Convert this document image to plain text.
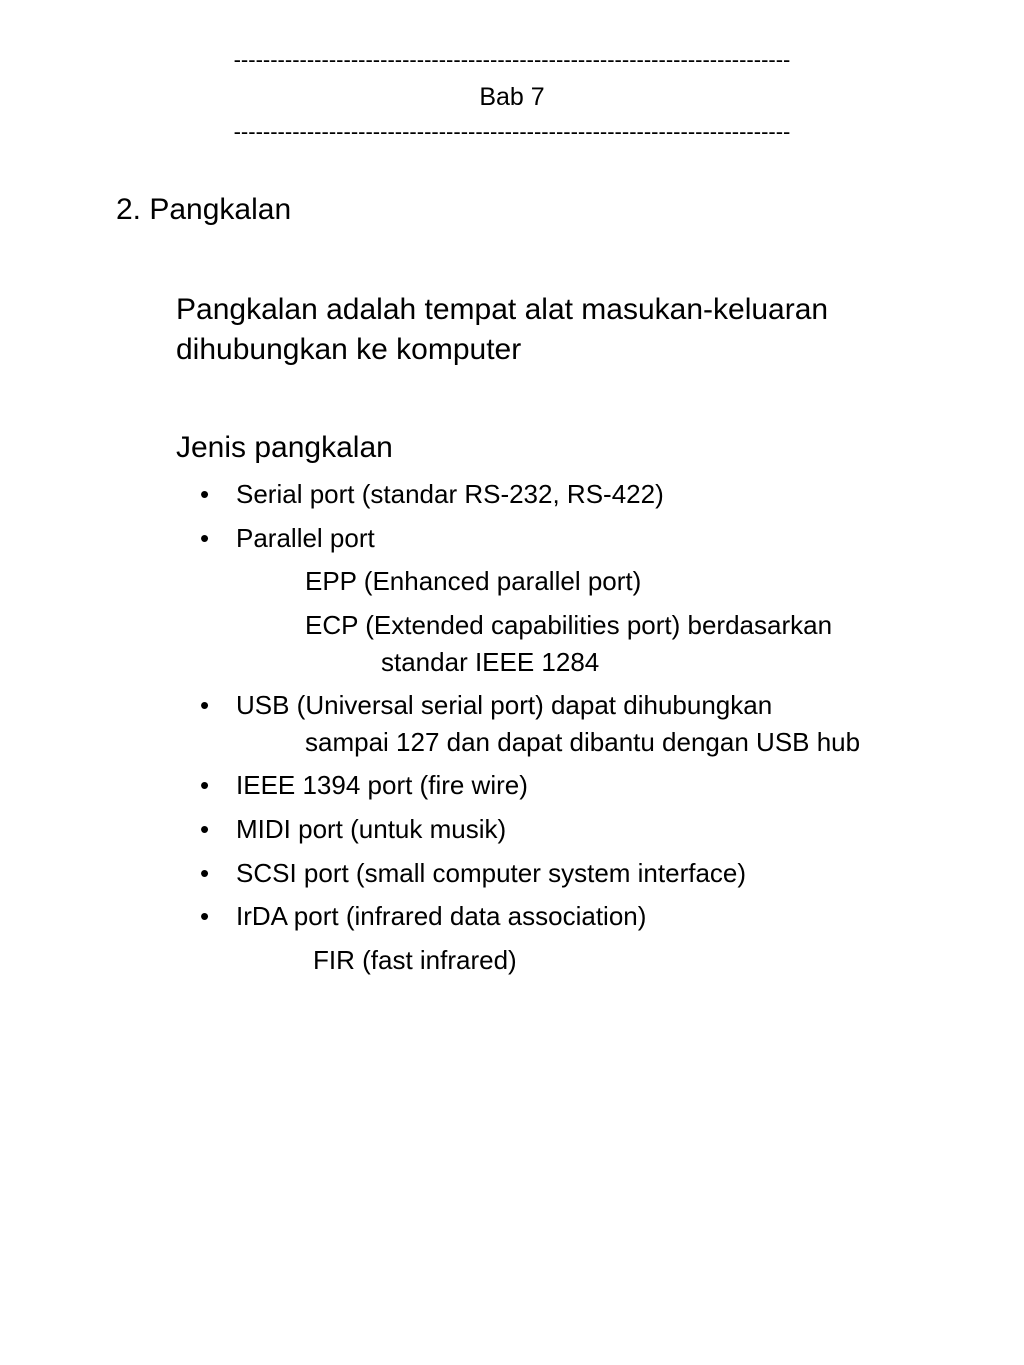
----------------------------------------------------------------------------
Bab 7
----------------------------------------------------------------------------
2. Pangkalan
Pangkalan adalah tempat alat masukan-keluaran
dihubungkan ke komputer
Jenis pangkalan
• Serial port (standar RS-232, RS-422)
• Parallel port
EPP (Enhanced parallel port)
ECP (Extended capabilities port) berdasarkan
standar IEEE 1284
• USB (Universal serial port) dapat dihubungkan
sampai 127 dan dapat dibantu dengan USB hub
• IEEE 1394 port (fire wire)
• MIDI port (untuk musik)
• SCSI port (small computer system interface)
• IrDA port (infrared data association)
FIR (fast infrared)
